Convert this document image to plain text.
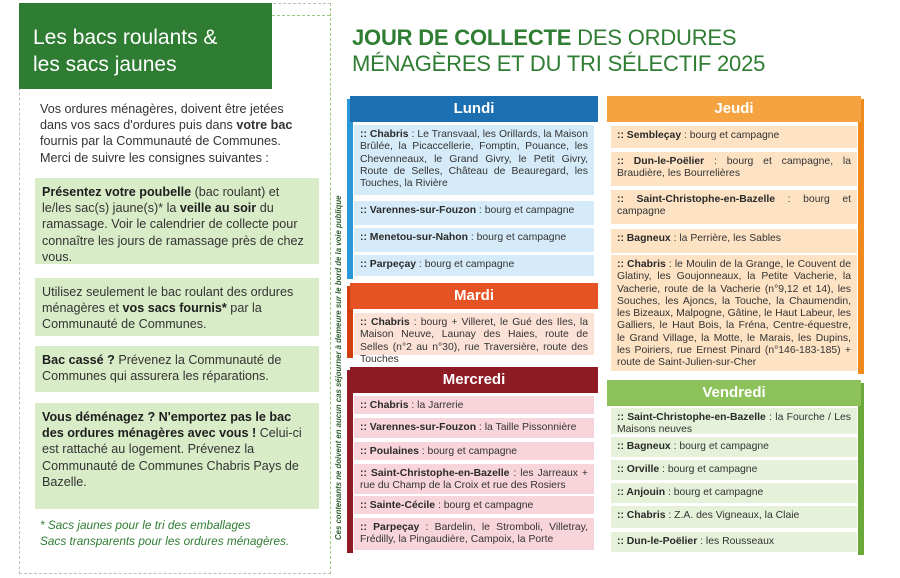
Les bacs roulants &
les sacs jaunes
Vos ordures ménagères, doivent être jetées dans vos sacs d'ordures puis dans votre bac fournis par la Communauté de Communes. Merci de suivre les consignes suivantes :
Présentez votre poubelle (bac roulant) et le/les sac(s) jaune(s)* la veille au soir du ramassage. Voir le calendrier de collecte pour connaître les jours de ramassage près de chez vous.
Utilisez seulement le bac roulant des ordures ménagères et vos sacs fournis* par la Communauté de Communes.
Bac cassé ? Prévenez la Communauté de Communes qui assurera les réparations.
Vous déménagez ? N'emportez pas le bac des ordures ménagères avec vous ! Celui-ci est rattaché au logement. Prévenez la Communauté de Communes Chabris Pays de Bazelle.
* Sacs jaunes pour le tri des emballages
Sacs transparents pour les ordures ménagères.
JOUR DE COLLECTE DES ORDURES
MÉNAGÈRES ET DU TRI SÉLECTIF 2025
Ces contenants ne doivent en aucun cas séjourner à demeure sur le bord de la voie publique
Lundi
:: Chabris : Le Transvaal, les Orillards, la Maison Brûlée, la Picaccellerie, Fomptin, Pouance, les Chevenneaux, le Grand Givry, le Petit Givry, Route de Selles, Château de Beauregard, les Touches, la Rivière
:: Varennes-sur-Fouzon : bourg et campagne
:: Menetou-sur-Nahon : bourg et campagne
:: Parpeçay : bourg et campagne
Mardi
:: Chabris : bourg + Villeret, le Gué des Iles, la Maison Neuve, Launay des Haies, route de Selles (n°2 au n°30), rue Traversière, route des Touches
Mercredi
:: Chabris : la Jarrerie
:: Varennes-sur-Fouzon : la Taille Pissonnière
:: Poulaines : bourg et campagne
:: Saint-Christophe-en-Bazelle : les Jarreaux + rue du Champ de la Croix et rue des Rosiers
:: Sainte-Cécile : bourg et campagne
:: Parpeçay : Bardelin, le Stromboli, Villetray, Frédilly, la Pingaudière, Campoix, la Porte
Jeudi
:: Sembleçay : bourg et campagne
:: Dun-le-Poëlier : bourg et campagne, la Braudière, les Bourrelières
:: Saint-Christophe-en-Bazelle : bourg et campagne
:: Bagneux : la Perrière, les Sables
:: Chabris : le Moulin de la Grange, le Couvent de Glatiny, les Goujonneaux, la Petite Vacherie, la Vacherie, route de la Vacherie (n°9,12 et 14), les Souches, les Ajoncs, la Touche, la Chaumendin, les Bizeaux, Malpogne, Gâtine, le Haut Labeur, les Galliers, le Haut Bois, la Fréna, Centre-équestre, le Grand Village, la Motte, le Marais, les Dupins, les Poiriers, rue Ernest Pinard (n°146-183-185) + route de Saint-Julien-sur-Cher
Vendredi
:: Saint-Christophe-en-Bazelle : la Fourche / Les Maisons neuves
:: Bagneux : bourg et campagne
:: Orville : bourg et campagne
:: Anjouin : bourg et campagne
:: Chabris : Z.A. des Vigneaux, la Claie
:: Dun-le-Poëlier : les Rousseaux
